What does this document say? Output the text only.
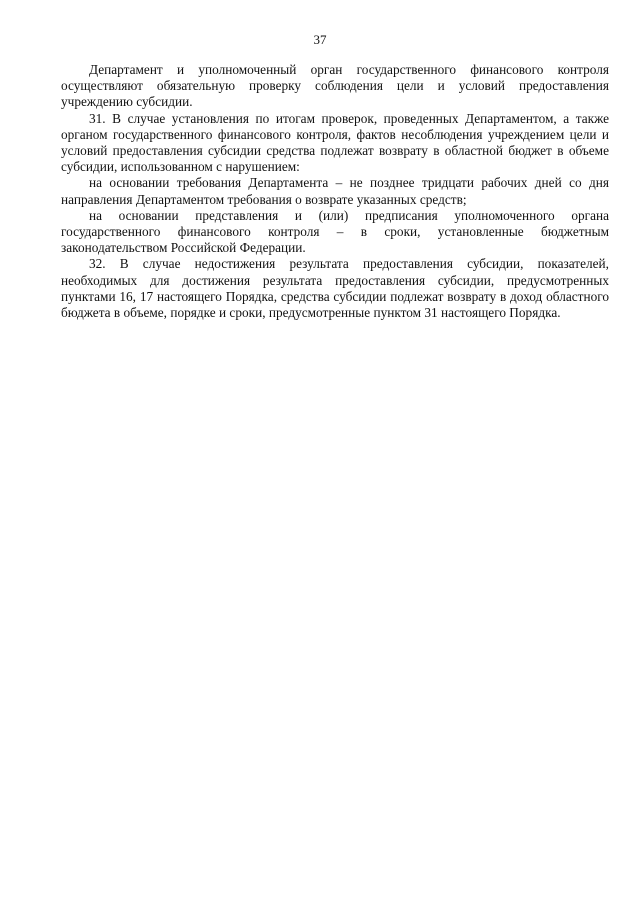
37

Департамент и уполномоченный орган государственного финансового контроля осуществляют обязательную проверку соблюдения цели и условий предоставления учреждению субсидии.

31. В случае установления по итогам проверок, проведенных Департаментом, а также органом государственного финансового контроля, фактов несоблюдения учреждением цели и условий предоставления субсидии средства подлежат возврату в областной бюджет в объеме субсидии, использованном с нарушением:

на основании требования Департамента – не позднее тридцати рабочих дней со дня направления Департаментом требования о возврате указанных средств;

на основании представления и (или) предписания уполномоченного органа государственного финансового контроля – в сроки, установленные бюджетным законодательством Российской Федерации.

32. В случае недостижения результата предоставления субсидии, показателей, необходимых для достижения результата предоставления субсидии, предусмотренных пунктами 16, 17 настоящего Порядка, средства субсидии подлежат возврату в доход областного бюджета в объеме, порядке и сроки, предусмотренные пунктом 31 настоящего Порядка.
